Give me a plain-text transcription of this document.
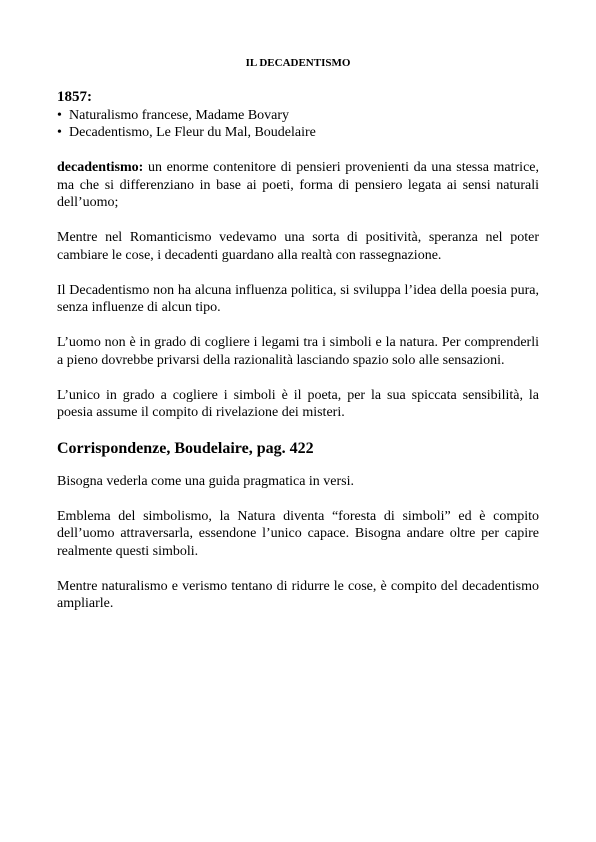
IL DECADENTISMO
1857:
• Naturalismo francese, Madame Bovary
• Decadentismo, Le Fleur du Mal, Boudelaire

decadentismo: un enorme contenitore di pensieri provenienti da una stessa matrice, ma che si differenziano in base ai poeti, forma di pensiero legata ai sensi naturali dell’uomo;

Mentre nel Romanticismo vedevamo una sorta di positività, speranza nel poter cambiare le cose, i decadenti guardano alla realtà con rassegnazione.

Il Decadentismo non ha alcuna influenza politica, si sviluppa l’idea della poesia pura, senza influenze di alcun tipo.

L’uomo non è in grado di cogliere i legami tra i simboli e la natura. Per comprenderli a pieno dovrebbe privarsi della razionalità lasciando spazio solo alle sensazioni.

L’unico in grado a cogliere i simboli è il poeta, per la sua spiccata sensibilità, la poesia assume il compito di rivelazione dei misteri.

Corrispondenze, Boudelaire, pag. 422

Bisogna vederla come una guida pragmatica in versi.

Emblema del simbolismo, la Natura diventa “foresta di simboli” ed è compito dell’uomo attraversarla, essendone l’unico capace. Bisogna andare oltre per capire realmente questi simboli.

Mentre naturalismo e verismo tentano di ridurre le cose, è compito del decadentismo ampliarle.
